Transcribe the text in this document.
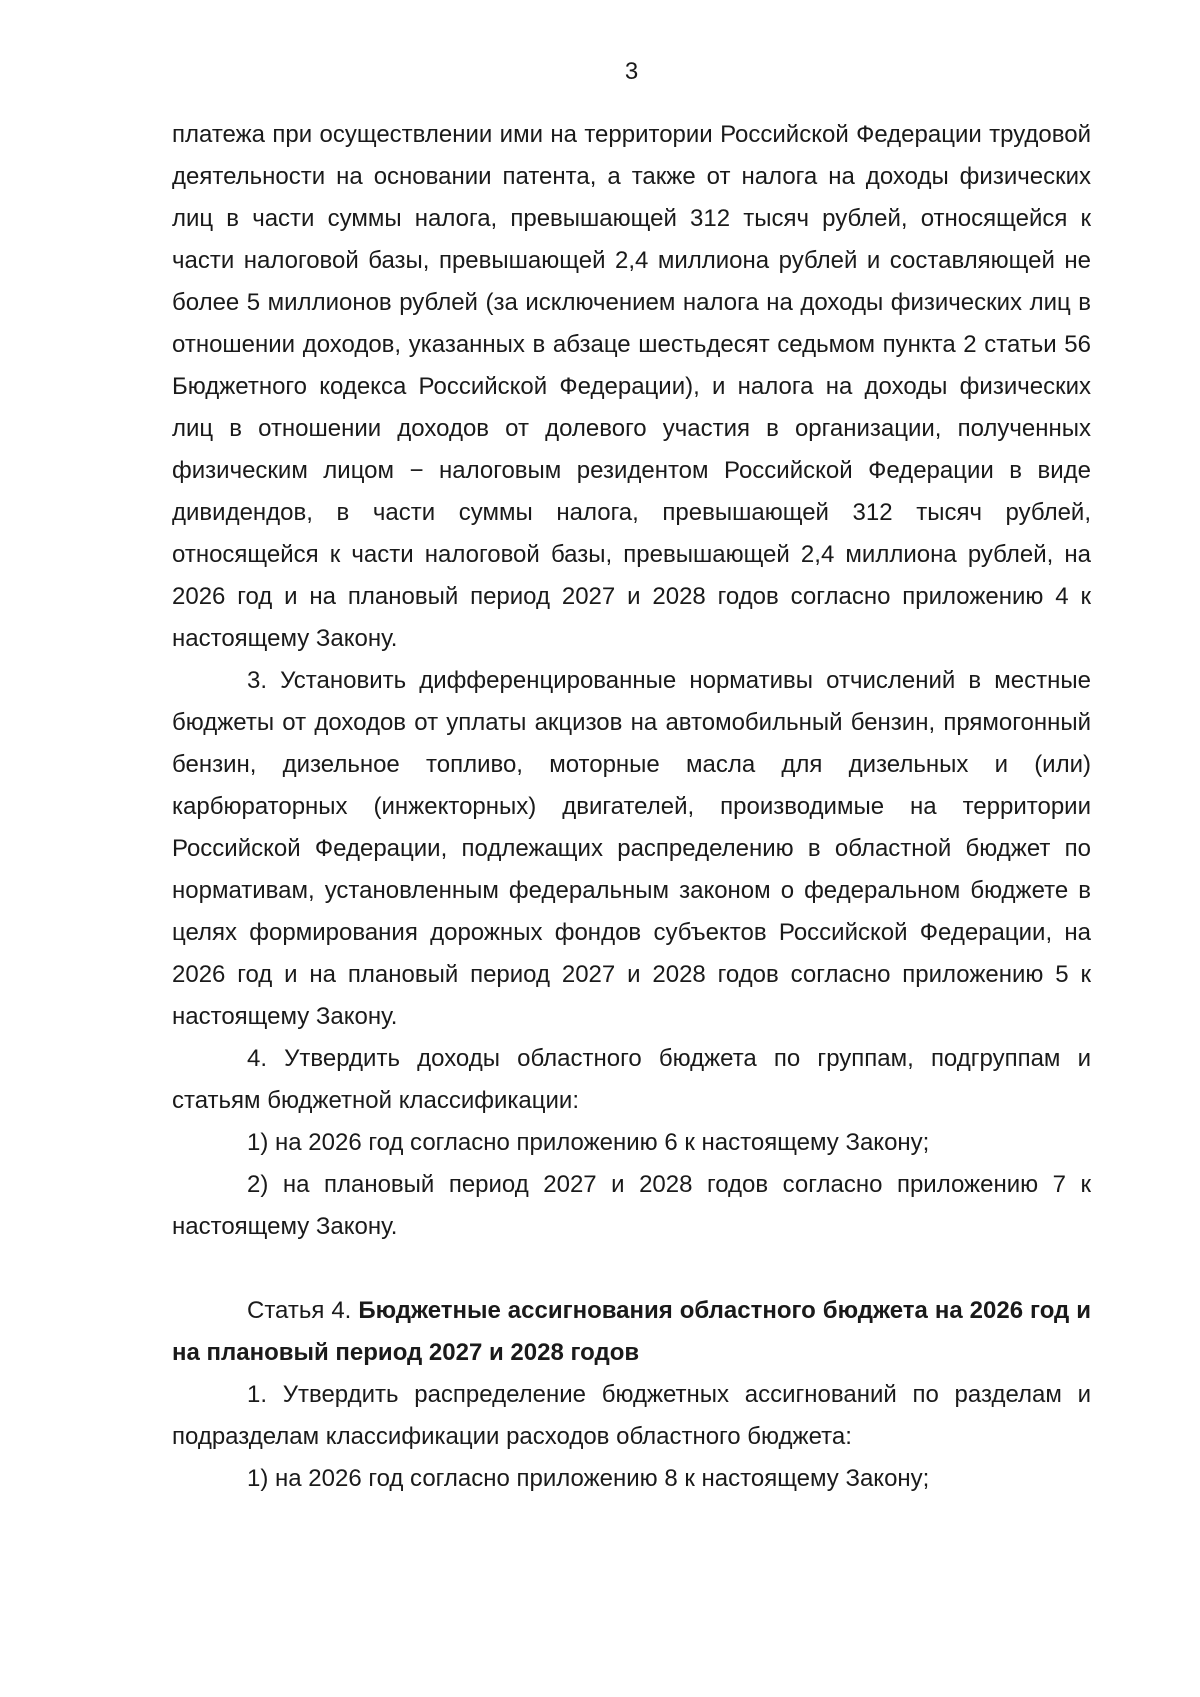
3

платежа при осуществлении ими на территории Российской Федерации трудовой деятельности на основании патента, а также от налога на доходы физических лиц в части суммы налога, превышающей 312 тысяч рублей, относящейся к части налоговой базы, превышающей 2,4 миллиона рублей и составляющей не более 5 миллионов рублей (за исключением налога на доходы физических лиц в отношении доходов, указанных в абзаце шестьдесят седьмом пункта 2 статьи 56 Бюджетного кодекса Российской Федерации), и налога на доходы физических лиц в отношении доходов от долевого участия в организации, полученных физическим лицом − налоговым резидентом Российской Федерации в виде дивидендов, в части суммы налога, превышающей 312 тысяч рублей, относящейся к части налоговой базы, превышающей 2,4 миллиона рублей, на 2026 год и на плановый период 2027 и 2028 годов согласно приложению 4 к настоящему Закону.

3. Установить дифференцированные нормативы отчислений в местные бюджеты от доходов от уплаты акцизов на автомобильный бензин, прямогонный бензин, дизельное топливо, моторные масла для дизельных и (или) карбюраторных (инжекторных) двигателей, производимые на территории Российской Федерации, подлежащих распределению в областной бюджет по нормативам, установленным федеральным законом о федеральном бюджете в целях формирования дорожных фондов субъектов Российской Федерации, на 2026 год и на плановый период 2027 и 2028 годов согласно приложению 5 к настоящему Закону.

4. Утвердить доходы областного бюджета по группам, подгруппам и статьям бюджетной классификации:

1) на 2026 год согласно приложению 6 к настоящему Закону;

2) на плановый период 2027 и 2028 годов согласно приложению 7 к настоящему Закону.

Статья 4. Бюджетные ассигнования областного бюджета на 2026 год и на плановый период 2027 и 2028 годов

1. Утвердить распределение бюджетных ассигнований по разделам и подразделам классификации расходов областного бюджета:

1) на 2026 год согласно приложению 8 к настоящему Закону;
